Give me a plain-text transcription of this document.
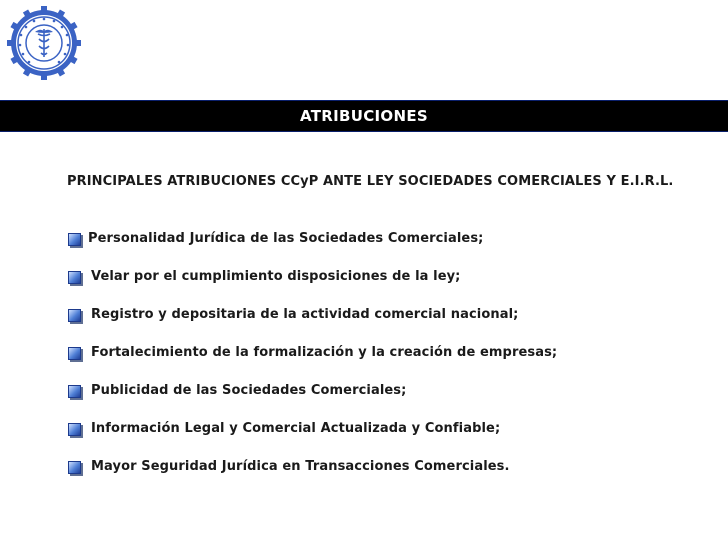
ATRIBUCIONES
PRINCIPALES ATRIBUCIONES CCyP ANTE LEY SOCIEDADES COMERCIALES Y E.I.R.L.
Personalidad Jurídica de las Sociedades Comerciales;
Velar por el cumplimiento disposiciones de la ley;
Registro y depositaria de la actividad comercial nacional;
Fortalecimiento de la formalización y la creación de empresas;
Publicidad de las Sociedades Comerciales;
Información Legal y Comercial Actualizada y Confiable;
Mayor Seguridad Jurídica en Transacciones Comerciales.
